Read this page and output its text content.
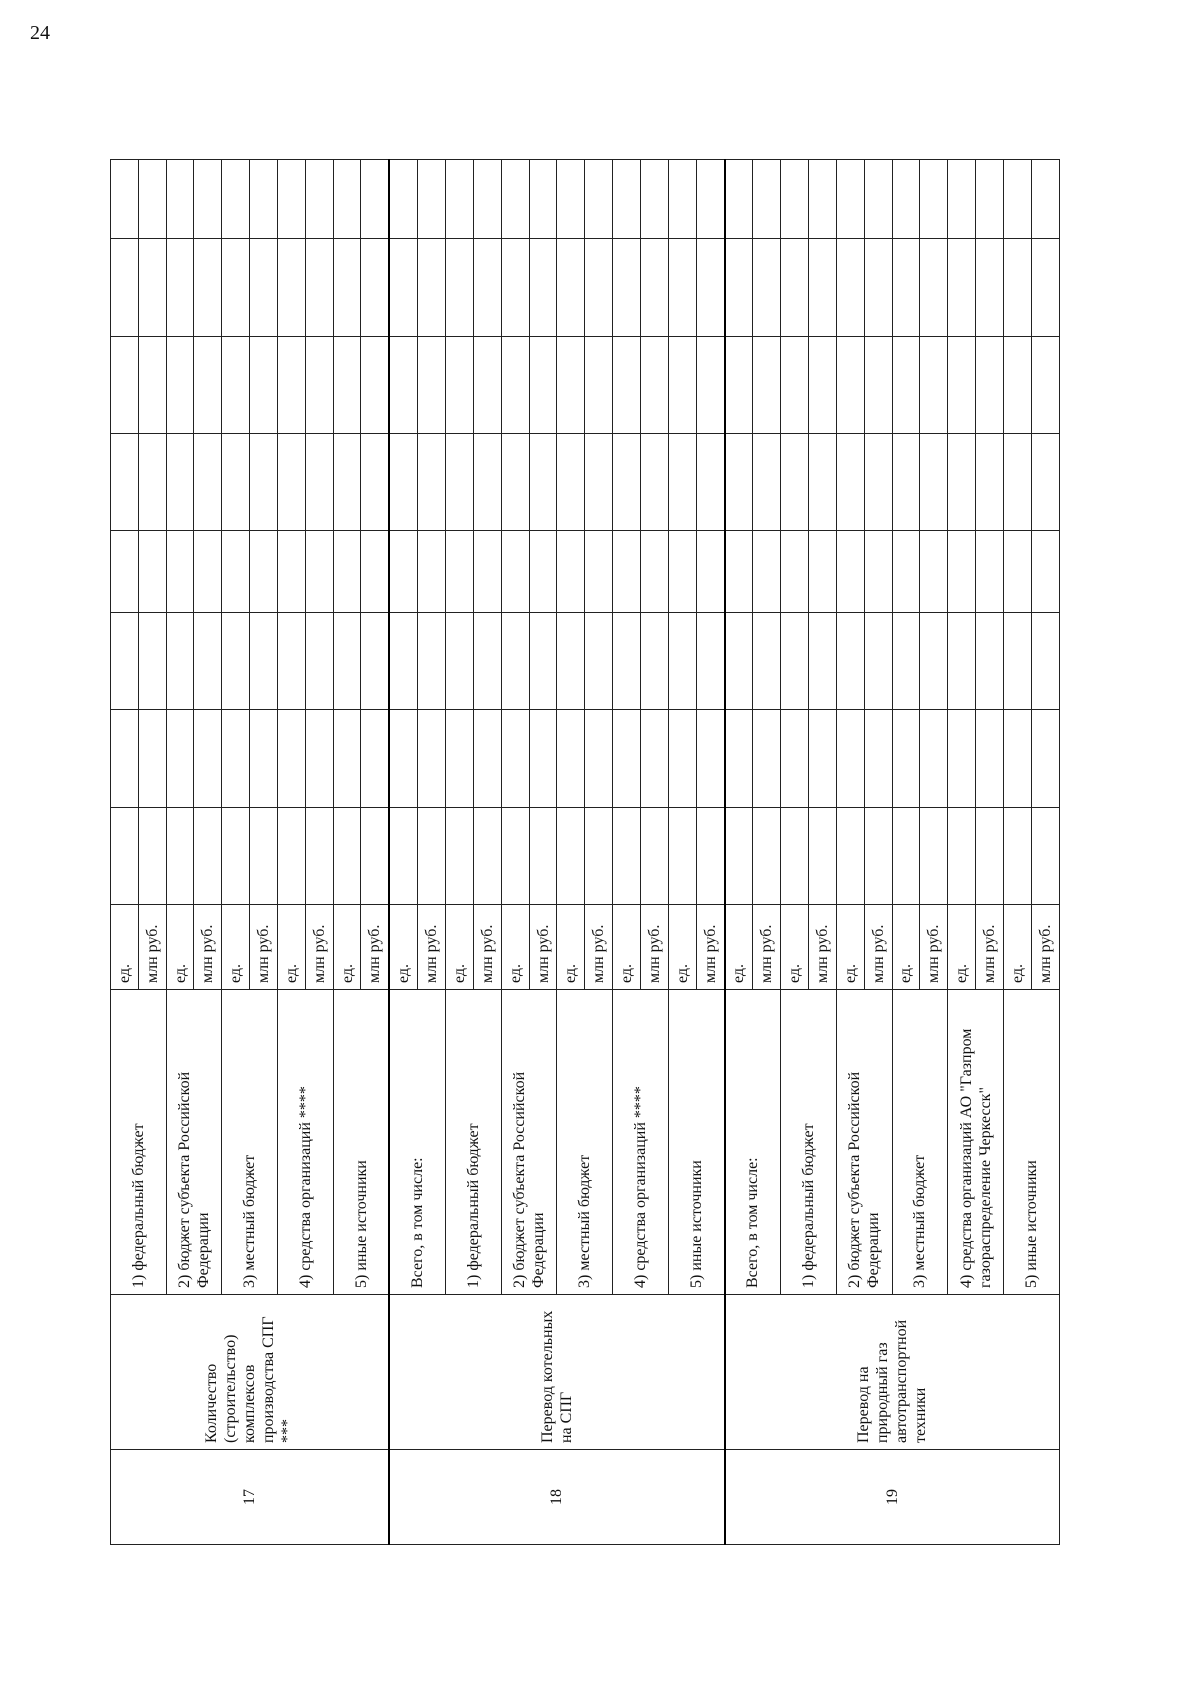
24
17	Количество (строительство) комплексов производства СПГ ***	1) федеральный бюджет	ед.								
			млн руб.								
		2) бюджет субъекта Российской Федерации	ед.								
			млн руб.								
		3) местный бюджет	ед.								
			млн руб.								
		4) средства организаций ****	ед.								
			млн руб.								
		5) иные источники	ед.								
			млн руб.								
18	Перевод котельных на СПГ	Всего, в том числе:	ед.								
			млн руб.								
		1) федеральный бюджет	ед.								
			млн руб.								
		2) бюджет субъекта Российской Федерации	ед.								
			млн руб.								
		3) местный бюджет	ед.								
			млн руб.								
		4) средства организаций ****	ед.								
			млн руб.								
		5) иные источники	ед.								
			млн руб.								
19	Перевод на природный газ автотранспортной техники	Всего, в том числе:	ед.								
			млн руб.								
		1) федеральный бюджет	ед.								
			млн руб.								
		2) бюджет субъекта Российской Федерации	ед.								
			млн руб.								
		3) местный бюджет	ед.								
			млн руб.								
		4) средства организаций АО "Газпром газораспределение Черкесск"	ед.								
			млн руб.								
		5) иные источники	ед.								
			млн руб.								
